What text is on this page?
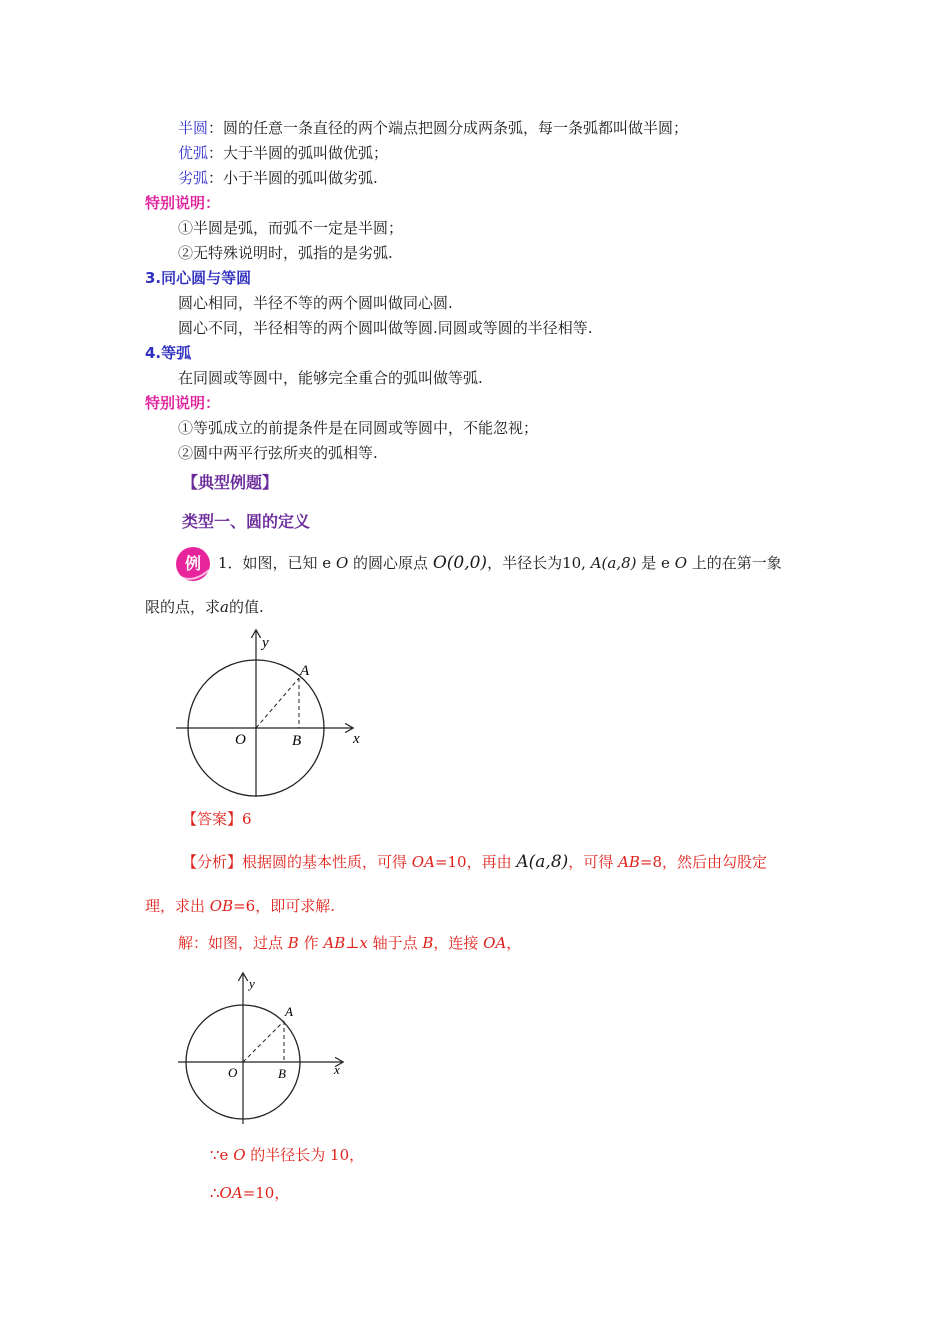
半圆：圆的任意一条直径的两个端点把圆分成两条弧，每一条弧都叫做半圆；
优弧：大于半圆的弧叫做优弧；
劣弧：小于半圆的弧叫做劣弧.
特别说明：
①半圆是弧，而弧不一定是半圆；
②无特殊说明时，弧指的是劣弧.
3.同心圆与等圆
圆心相同，半径不等的两个圆叫做同心圆.
圆心不同，半径相等的两个圆叫做等圆.同圆或等圆的半径相等.
4.等弧
在同圆或等圆中，能够完全重合的弧叫做等弧.
特别说明：
①等弧成立的前提条件是在同圆或等圆中，不能忽视；
②圆中两平行弦所夹的弧相等.
【典型例题】
类型一、圆的定义
例 1．如图，已知 e O 的圆心原点 O(0,0)，半径长为10, A(a,8) 是 e O 上的在第一象
限的点，求a的值.
y
x
O
A
B
【答案】6
【分析】根据圆的基本性质，可得 OA=10，再由 A(a,8)，可得 AB=8，然后由勾股定
理，求出 OB=6，即可求解.
解：如图，过点 B 作 AB⊥x 轴于点 B，连接 OA，
y
x
O
A
B
∵e O 的半径长为 10，
∴OA=10，
